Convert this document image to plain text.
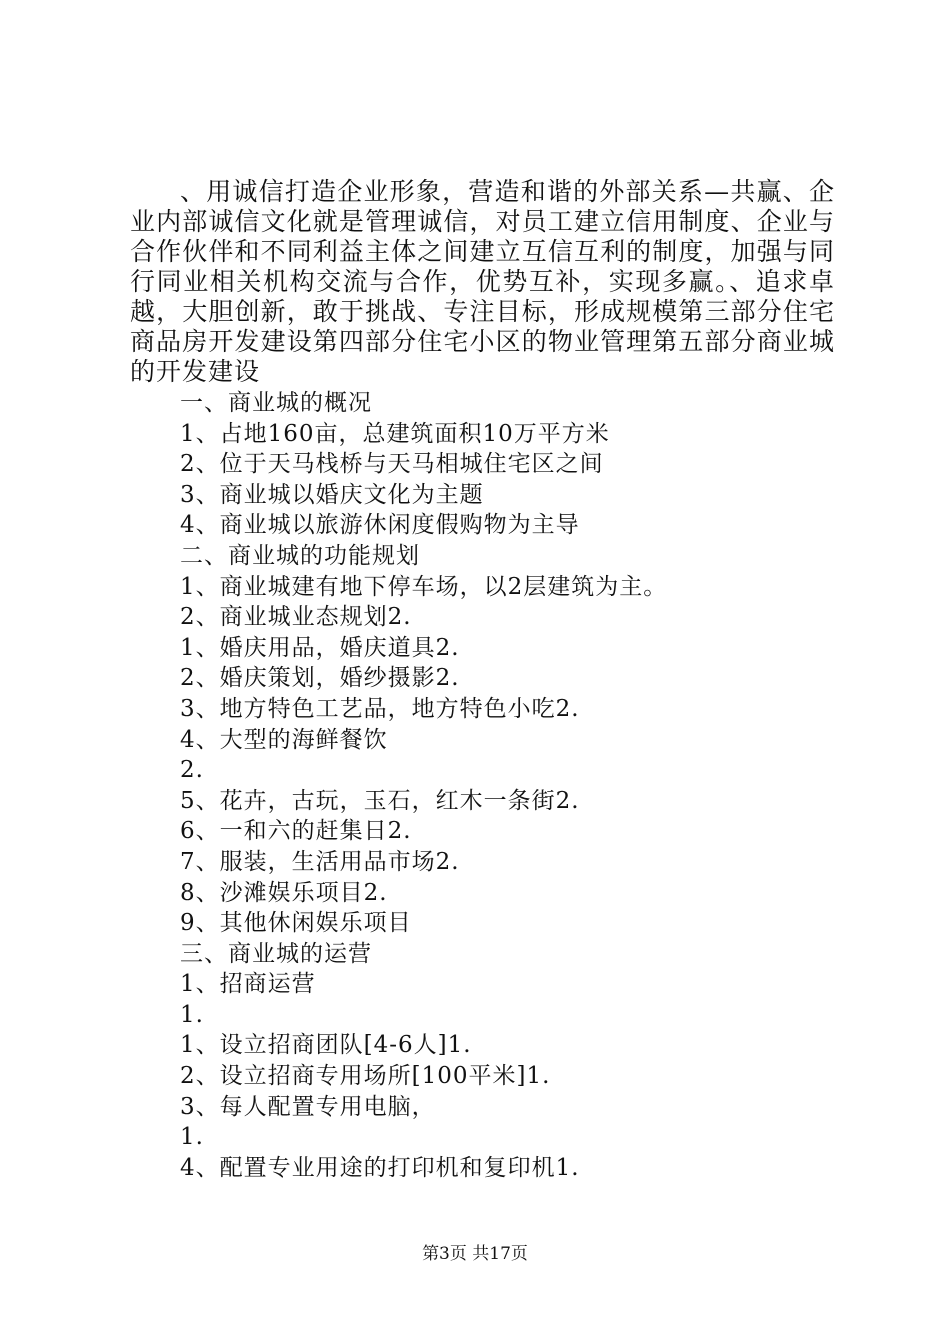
、用诚信打造企业形象，营造和谐的外部关系—共赢、企业内部诚信文化就是管理诚信，对员工建立信用制度、企业与合作伙伴和不同利益主体之间建立互信互利的制度，加强与同行同业相关机构交流与合作，优势互补，实现多赢。、追求卓越，大胆创新，敢于挑战、专注目标，形成规模第三部分住宅商品房开发建设第四部分住宅小区的物业管理第五部分商业城的开发建设

一、商业城的概况
1、占地160亩，总建筑面积10万平方米
2、位于天马栈桥与天马相城住宅区之间
3、商业城以婚庆文化为主题
4、商业城以旅游休闲度假购物为主导
二、商业城的功能规划
1、商业城建有地下停车场，以2层建筑为主。
2、商业城业态规划2.
1、婚庆用品，婚庆道具2.
2、婚庆策划，婚纱摄影2.
3、地方特色工艺品，地方特色小吃2.
4、大型的海鲜餐饮
2.
5、花卉，古玩，玉石，红木一条街2.
6、一和六的赶集日2.
7、服装，生活用品市场2.
8、沙滩娱乐项目2.
9、其他休闲娱乐项目
三、商业城的运营
1、招商运营
1.
1、设立招商团队[4-6人]1.
2、设立招商专用场所[100平米]1.
3、每人配置专用电脑，
1.
4、配置专业用途的打印机和复印机1.
第3页 共17页
